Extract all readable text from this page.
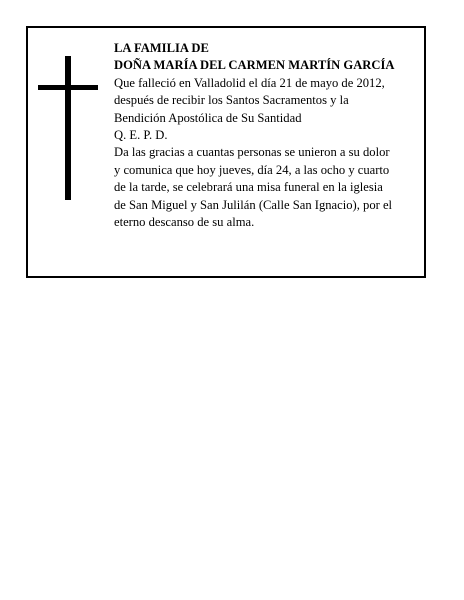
LA FAMILIA DE
DOÑA MARÍA DEL CARMEN MARTÍN GARCÍA
Que falleció en Valladolid el día 21 de mayo de 2012,
después de recibir los Santos Sacramentos y la
Bendición Apostólica de Su Santidad
Q. E. P. D.
Da las gracias a cuantas personas se unieron a su dolor
y comunica que hoy jueves, día 24, a las ocho y cuarto
de la tarde, se celebrará una misa funeral en la iglesia
de San Miguel y San Julilán (Calle San Ignacio), por el
eterno descanso de su alma.
